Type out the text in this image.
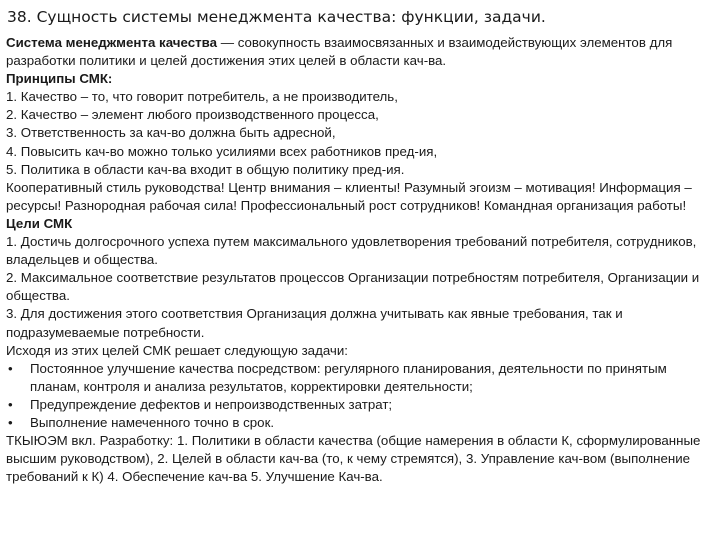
38. Сущность системы менеджмента качества: функции, задачи.

Система менеджмента качества — совокупность взаимосвязанных и взаимодействующих элементов для разработки политики и целей достижения этих целей в области кач-ва.

Принципы СМК:

1. Качество – то, что говорит потребитель, а не производитель,

2. Качество – элемент любого производственного процесса,

3. Ответственность за кач-во должна быть адресной,

4. Повысить кач-во можно только усилиями всех работников пред-ия,

5. Политика в области кач-ва входит в общую политику пред-ия.

Кооперативный стиль руководства! Центр внимания – клиенты! Разумный эгоизм – мотивация! Информация – ресурсы! Разнородная рабочая сила! Профессиональный рост сотрудников! Командная организация работы!

Цели СМК

1. Достичь долгосрочного успеха путем максимального удовлетворения требований потребителя, сотрудников, владельцев и общества.

2. Максимальное соответствие результатов процессов Организации потребностям потребителя, Организации и общества.

3. Для достижения этого соответствия Организация должна учитывать как явные требования, так и подразумеваемые потребности.

Исходя из этих целей СМК решает следующую задачи:

•	Постоянное улучшение качества посредством: регулярного планирования, деятельности по принятым планам, контроля и анализа результатов, корректировки деятельности;
•	Предупреждение дефектов и непроизводственных затрат;
•	Выполнение намеченного точно в срок.

ТКЫЮЭМ вкл. Разработку: 1. Политики в области качества (общие намерения в области К, сформулированные высшим руководством), 2. Целей в области кач-ва (то, к чему стремятся), 3. Управление кач-вом (выполнение требований к К) 4. Обеспечение кач-ва 5. Улучшение Кач-ва.
